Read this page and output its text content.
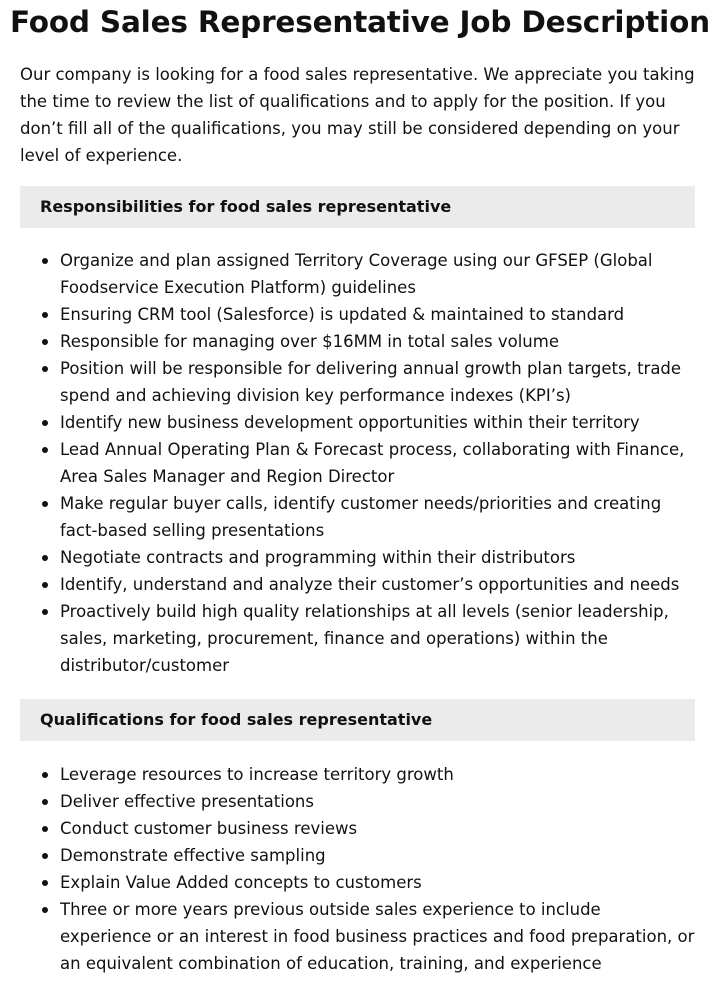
Food Sales Representative Job Description

Our company is looking for a food sales representative. We appreciate you taking the time to review the list of qualifications and to apply for the position. If you don’t fill all of the qualifications, you may still be considered depending on your level of experience.

Responsibilities for food sales representative
Organize and plan assigned Territory Coverage using our GFSEP (Global Foodservice Execution Platform) guidelines
Ensuring CRM tool (Salesforce) is updated & maintained to standard
Responsible for managing over $16MM in total sales volume
Position will be responsible for delivering annual growth plan targets, trade spend and achieving division key performance indexes (KPI’s)
Identify new business development opportunities within their territory
Lead Annual Operating Plan & Forecast process, collaborating with Finance, Area Sales Manager and Region Director
Make regular buyer calls, identify customer needs/priorities and creating fact-based selling presentations
Negotiate contracts and programming within their distributors
Identify, understand and analyze their customer’s opportunities and needs
Proactively build high quality relationships at all levels (senior leadership, sales, marketing, procurement, finance and operations) within the distributor/customer
Qualifications for food sales representative
Leverage resources to increase territory growth
Deliver effective presentations
Conduct customer business reviews
Demonstrate effective sampling
Explain Value Added concepts to customers
Three or more years previous outside sales experience to include experience or an interest in food business practices and food preparation, or an equivalent combination of education, training, and experience
